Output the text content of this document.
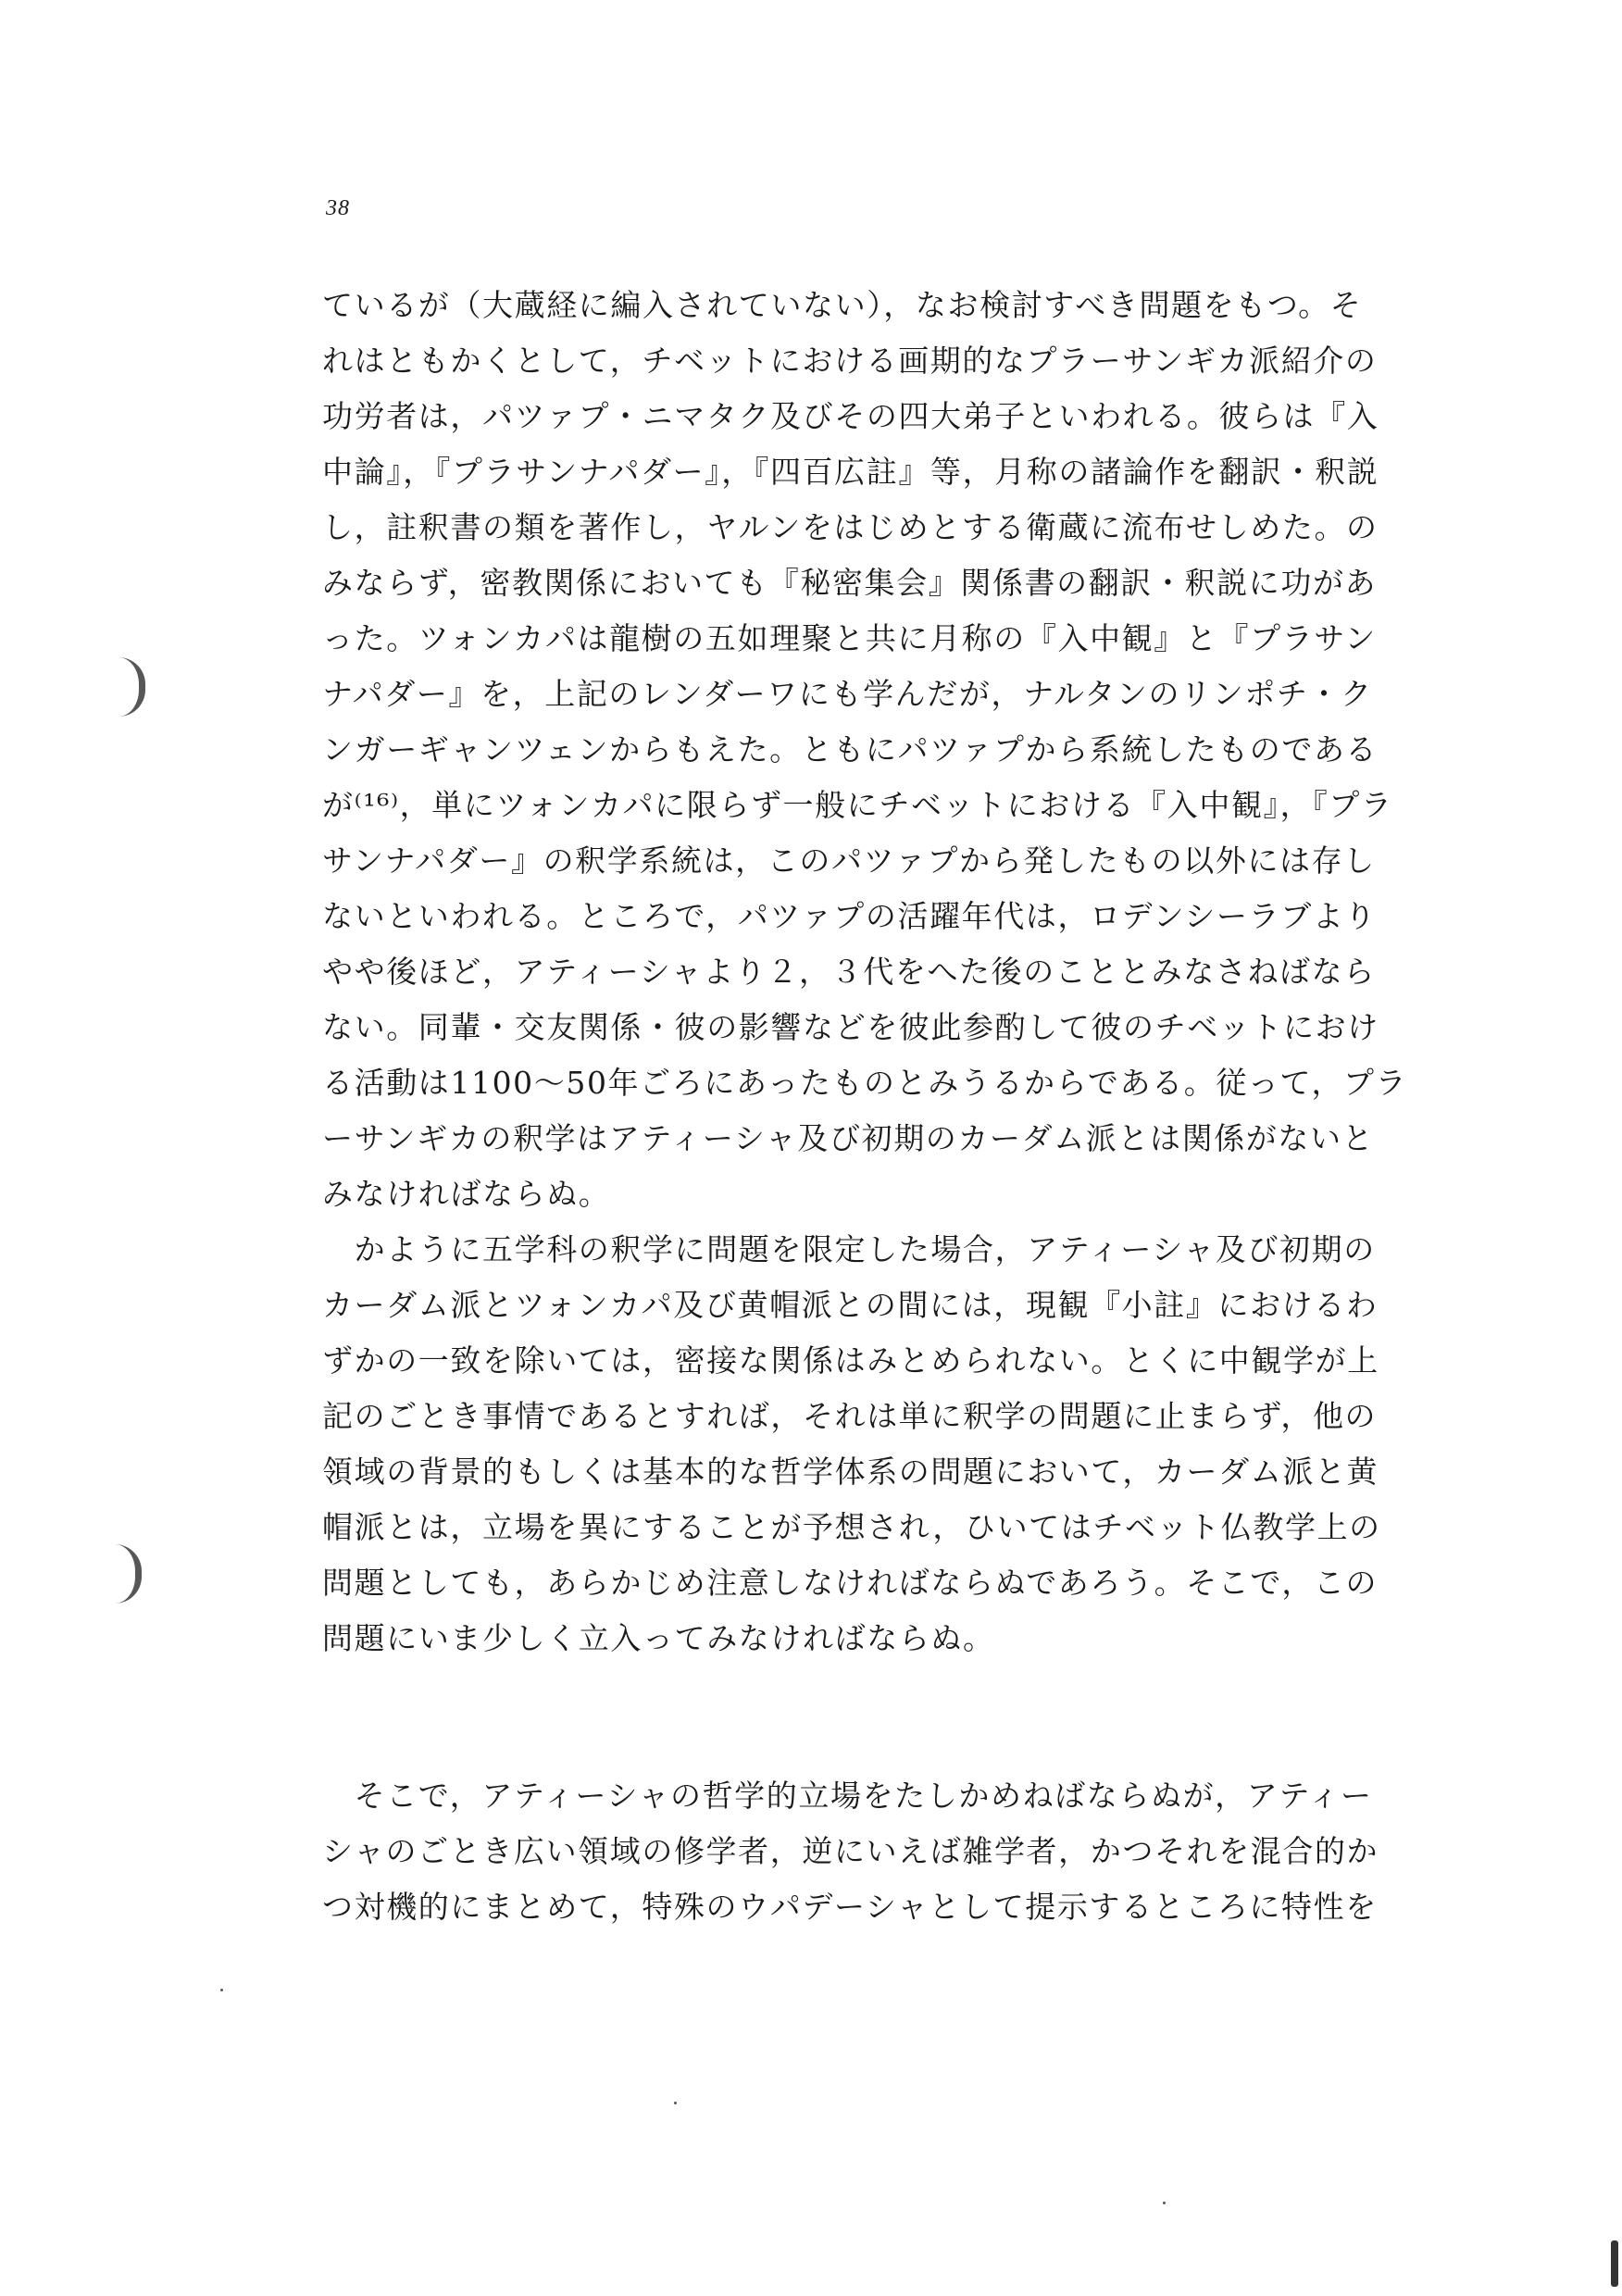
38
ているが（大蔵経に編入されていない），なお検討すべき問題をもつ。そ
れはともかくとして，チベットにおける画期的なプラーサンギカ派紹介の
功労者は，パツァプ・ニマタク及びその四大弟子といわれる。彼らは『入
中論』，『プラサンナパダー』，『四百広註』等，月称の諸論作を翻訳・釈説
し，註釈書の類を著作し，ヤルンをはじめとする衛蔵に流布せしめた。の
みならず，密教関係においても『秘密集会』関係書の翻訳・釈説に功があ
った。ツォンカパは龍樹の五如理聚と共に月称の『入中観』と『プラサン
ナパダー』を，上記のレンダーワにも学んだが，ナルタンのリンポチ・ク
ンガーギャンツェンからもえた。ともにパツァプから系統したものである
が⁽¹⁶⁾，単にツォンカパに限らず一般にチベットにおける『入中観』，『プラ
サンナパダー』の釈学系統は，このパツァプから発したもの以外には存し
ないといわれる。ところで，パツァプの活躍年代は，ロデンシーラブより
やや後ほど，アティーシャより２，３代をへた後のこととみなさねばなら
ない。同輩・交友関係・彼の影響などを彼此参酌して彼のチベットにおけ
る活動は1100～50年ごろにあったものとみうるからである。従って，プラ
ーサンギカの釈学はアティーシャ及び初期のカーダム派とは関係がないと
みなければならぬ。
　かように五学科の釈学に問題を限定した場合，アティーシャ及び初期の
カーダム派とツォンカパ及び黄帽派との間には，現観『小註』におけるわ
ずかの一致を除いては，密接な関係はみとめられない。とくに中観学が上
記のごとき事情であるとすれば，それは単に釈学の問題に止まらず，他の
領域の背景的もしくは基本的な哲学体系の問題において，カーダム派と黄
帽派とは，立場を異にすることが予想され，ひいてはチベット仏教学上の
問題としても，あらかじめ注意しなければならぬであろう。そこで，この
問題にいま少しく立入ってみなければならぬ。
　そこで，アティーシャの哲学的立場をたしかめねばならぬが，アティー
シャのごとき広い領域の修学者，逆にいえば雑学者，かつそれを混合的か
つ対機的にまとめて，特殊のウパデーシャとして提示するところに特性を
